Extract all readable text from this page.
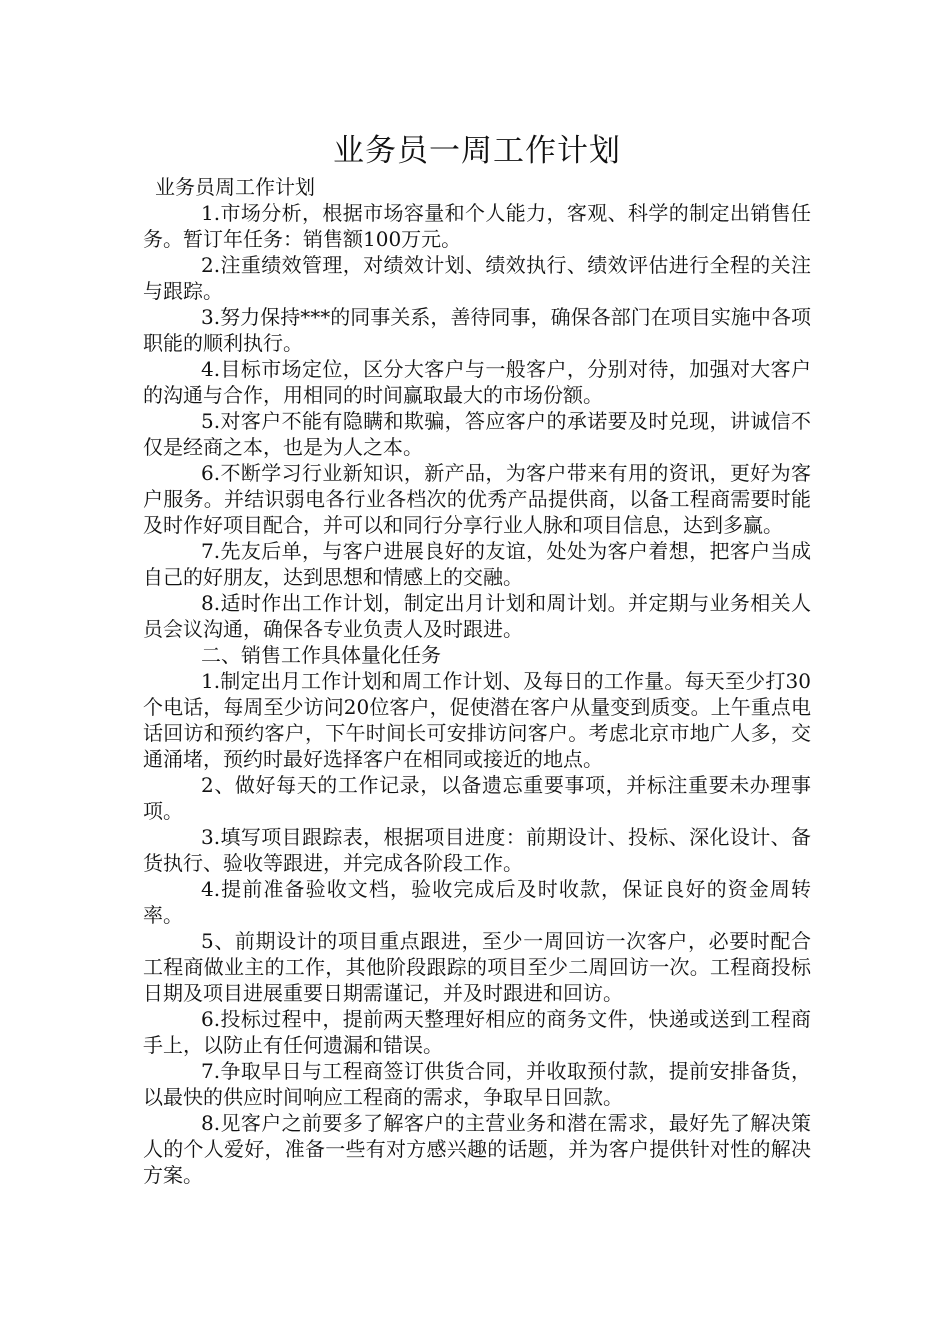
业务员一周工作计划

业务员周工作计划

1.市场分析，根据市场容量和个人能力，客观、科学的制定出销售任务。暂订年任务：销售额100万元。

2.注重绩效管理，对绩效计划、绩效执行、绩效评估进行全程的关注与跟踪。

3.努力保持***的同事关系，善待同事，确保各部门在项目实施中各项职能的顺利执行。

4.目标市场定位，区分大客户与一般客户，分别对待，加强对大客户的沟通与合作，用相同的时间赢取最大的市场份额。

5.对客户不能有隐瞒和欺骗，答应客户的承诺要及时兑现，讲诚信不仅是经商之本，也是为人之本。

6.不断学习行业新知识，新产品，为客户带来有用的资讯，更好为客户服务。并结识弱电各行业各档次的优秀产品提供商，以备工程商需要时能及时作好项目配合，并可以和同行分享行业人脉和项目信息，达到多赢。

7.先友后单，与客户进展良好的友谊，处处为客户着想，把客户当成自己的好朋友，达到思想和情感上的交融。

8.适时作出工作计划，制定出月计划和周计划。并定期与业务相关人员会议沟通，确保各专业负责人及时跟进。

二、销售工作具体量化任务

1.制定出月工作计划和周工作计划、及每日的工作量。每天至少打30个电话，每周至少访问20位客户，促使潜在客户从量变到质变。上午重点电话回访和预约客户，下午时间长可安排访问客户。考虑北京市地广人多，交通涌堵，预约时最好选择客户在相同或接近的地点。

2、做好每天的工作记录，以备遗忘重要事项，并标注重要未办理事项。

3.填写项目跟踪表，根据项目进度：前期设计、投标、深化设计、备货执行、验收等跟进，并完成各阶段工作。

4.提前准备验收文档，验收完成后及时收款，保证良好的资金周转率。

5、前期设计的项目重点跟进，至少一周回访一次客户，必要时配合工程商做业主的工作，其他阶段跟踪的项目至少二周回访一次。工程商投标日期及项目进展重要日期需谨记，并及时跟进和回访。

6.投标过程中，提前两天整理好相应的商务文件，快递或送到工程商手上，以防止有任何遗漏和错误。

7.争取早日与工程商签订供货合同，并收取预付款，提前安排备货，以最快的供应时间响应工程商的需求，争取早日回款。

8.见客户之前要多了解客户的主营业务和潜在需求，最好先了解决策人的个人爱好，准备一些有对方感兴趣的话题，并为客户提供针对性的解决方案。
